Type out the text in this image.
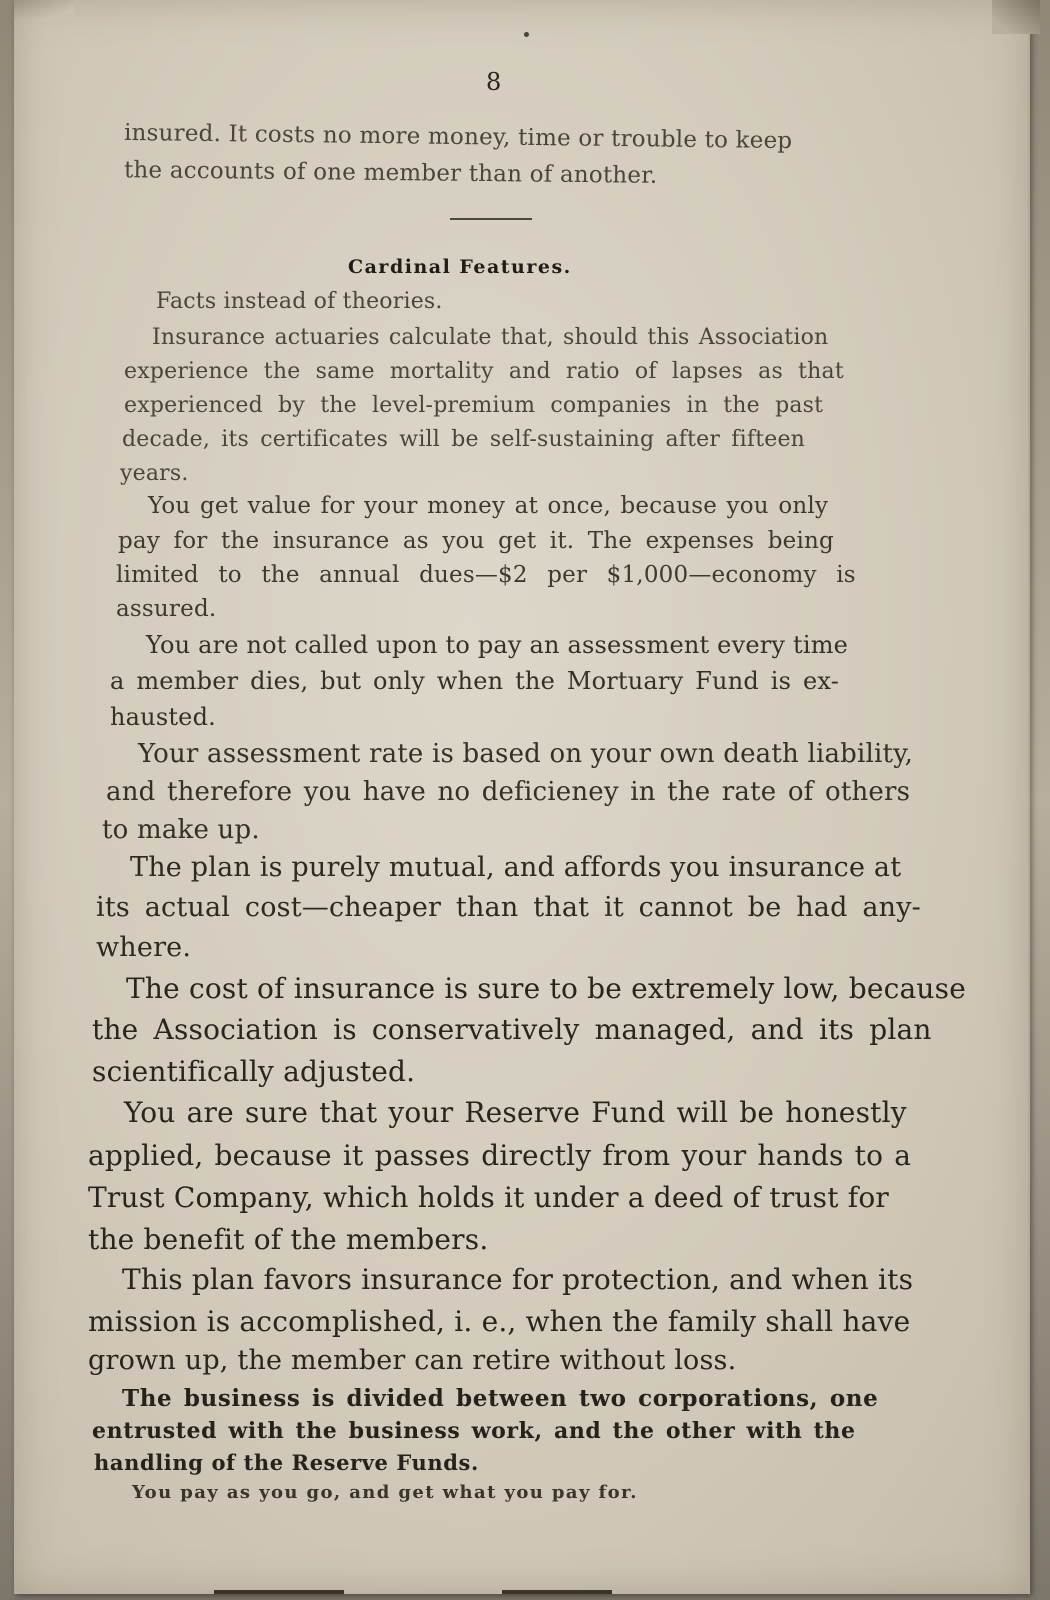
8

insured. It costs no more money, time or trouble to keep

the accounts of one member than of another.

Cardinal Features.

Facts instead of theories.

Insurance actuaries calculate that, should this Association

experience the same mortality and ratio of lapses as that

experienced by the level-premium companies in the past

decade, its certificates will be self-sustaining after fifteen

years.

You get value for your money at once, because you only

pay for the insurance as you get it. The expenses being

limited to the annual dues—$2 per $1,000—economy is

assured.

You are not called upon to pay an assessment every time

a member dies, but only when the Mortuary Fund is ex-

hausted.

Your assessment rate is based on your own death liability,

and therefore you have no deficieney in the rate of others

to make up.

The plan is purely mutual, and affords you insurance at

its actual cost—cheaper than that it cannot be had any-

where.

The cost of insurance is sure to be extremely low, because

the Association is conservatively managed, and its plan

scientifically adjusted.

You are sure that your Reserve Fund will be honestly

applied, because it passes directly from your hands to a

Trust Company, which holds it under a deed of trust for

the benefit of the members.

This plan favors insurance for protection, and when its

mission is accomplished, i. e., when the family shall have

grown up, the member can retire without loss.

The business is divided between two corporations, one

entrusted with the business work, and the other with the

handling of the Reserve Funds.

You pay as you go, and get what you pay for.
